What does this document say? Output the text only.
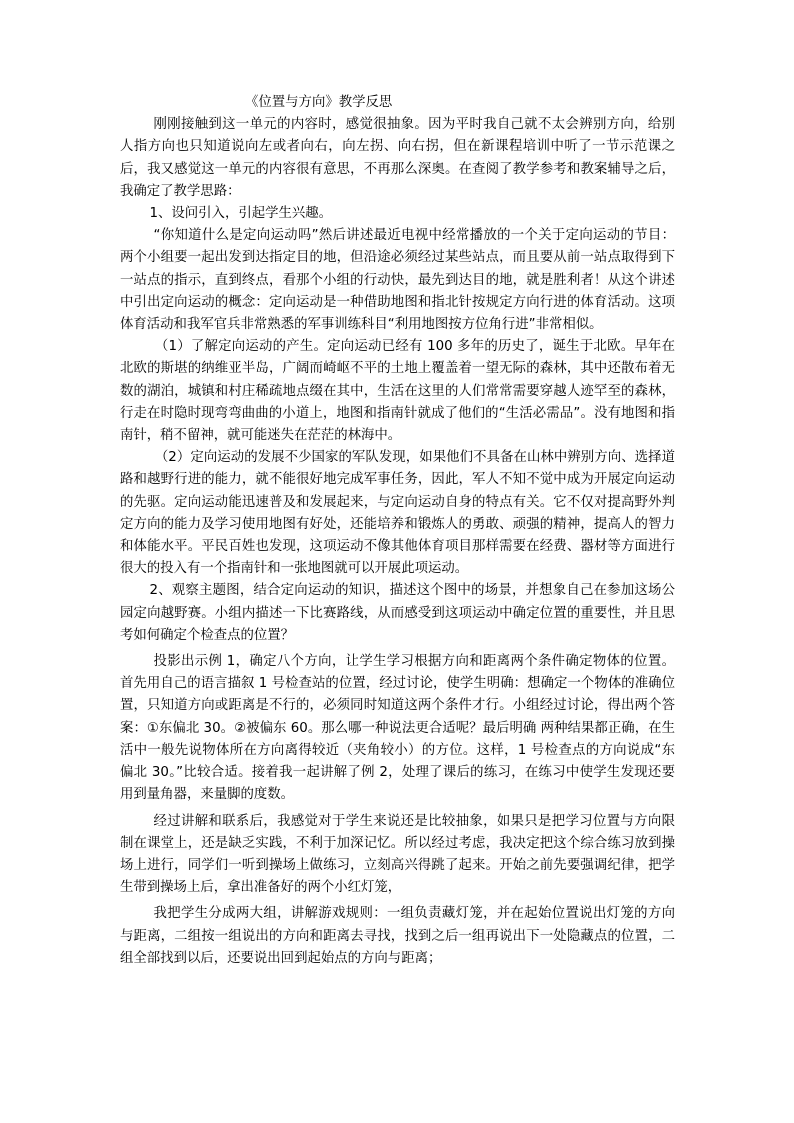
《位置与方向》教学反思

刚刚接触到这一单元的内容时，感觉很抽象。因为平时我自己就不太会辨别方向，给别人指方向也只知道说向左或者向右，向左拐、向右拐，但在新课程培训中听了一节示范课之后，我又感觉这一单元的内容很有意思，不再那么深奥。在查阅了教学参考和教案辅导之后，我确定了教学思路：

1、设问引入，引起学生兴趣。

“你知道什么是定向运动吗”然后讲述最近电视中经常播放的一个关于定向运动的节目：两个小组要一起出发到达指定目的地，但沿途必须经过某些站点，而且要从前一站点取得到下一站点的指示，直到终点，看那个小组的行动快，最先到达目的地，就是胜利者！从这个讲述中引出定向运动的概念：定向运动是一种借助地图和指北针按规定方向行进的体育活动。这项体育活动和我军官兵非常熟悉的军事训练科目“利用地图按方位角行进”非常相似。

（1）了解定向运动的产生。定向运动已经有 100 多年的历史了，诞生于北欧。早年在北欧的斯堪的纳维亚半岛，广阔而崎岖不平的土地上覆盖着一望无际的森林，其中还散布着无数的湖泊，城镇和村庄稀疏地点缀在其中，生活在这里的人们常常需要穿越人迹罕至的森林，行走在时隐时现弯弯曲曲的小道上，地图和指南针就成了他们的“生活必需品”。没有地图和指南针，稍不留神，就可能迷失在茫茫的林海中。

（2）定向运动的发展不少国家的军队发现，如果他们不具备在山林中辨别方向、选择道路和越野行进的能力，就不能很好地完成军事任务，因此，军人不知不觉中成为开展定向运动的先驱。定向运动能迅速普及和发展起来，与定向运动自身的特点有关。它不仅对提高野外判定方向的能力及学习使用地图有好处，还能培养和锻炼人的勇敢、顽强的精神，提高人的智力和体能水平。平民百姓也发现，这项运动不像其他体育项目那样需要在经费、器材等方面进行很大的投入有一个指南针和一张地图就可以开展此项运动。

2、观察主题图，结合定向运动的知识，描述这个图中的场景，并想象自己在参加这场公园定向越野赛。小组内描述一下比赛路线，从而感受到这项运动中确定位置的重要性，并且思考如何确定个检查点的位置？

投影出示例 1，确定八个方向，让学生学习根据方向和距离两个条件确定物体的位置。首先用自己的语言描叙 1 号检查站的位置，经过讨论，使学生明确：想确定一个物体的准确位置，只知道方向或距离是不行的，必须同时知道这两个条件才行。小组经过讨论，得出两个答案：①东偏北 30。②被偏东 60。那么哪一种说法更合适呢？最后明确 两种结果都正确，在生活中一般先说物体所在方向离得较近（夹角较小）的方位。这样，1 号检查点的方向说成“东偏北 30。”比较合适。接着我一起讲解了例 2，处理了课后的练习，在练习中使学生发现还要用到量角器，来量脚的度数。

经过讲解和联系后，我感觉对于学生来说还是比较抽象，如果只是把学习位置与方向限制在课堂上，还是缺乏实践，不利于加深记忆。所以经过考虑，我决定把这个综合练习放到操场上进行，同学们一听到操场上做练习，立刻高兴得跳了起来。开始之前先要强调纪律，把学生带到操场上后，拿出准备好的两个小红灯笼，

我把学生分成两大组，讲解游戏规则：一组负责藏灯笼，并在起始位置说出灯笼的方向与距离，二组按一组说出的方向和距离去寻找，找到之后一组再说出下一处隐藏点的位置，二组全部找到以后，还要说出回到起始点的方向与距离；
